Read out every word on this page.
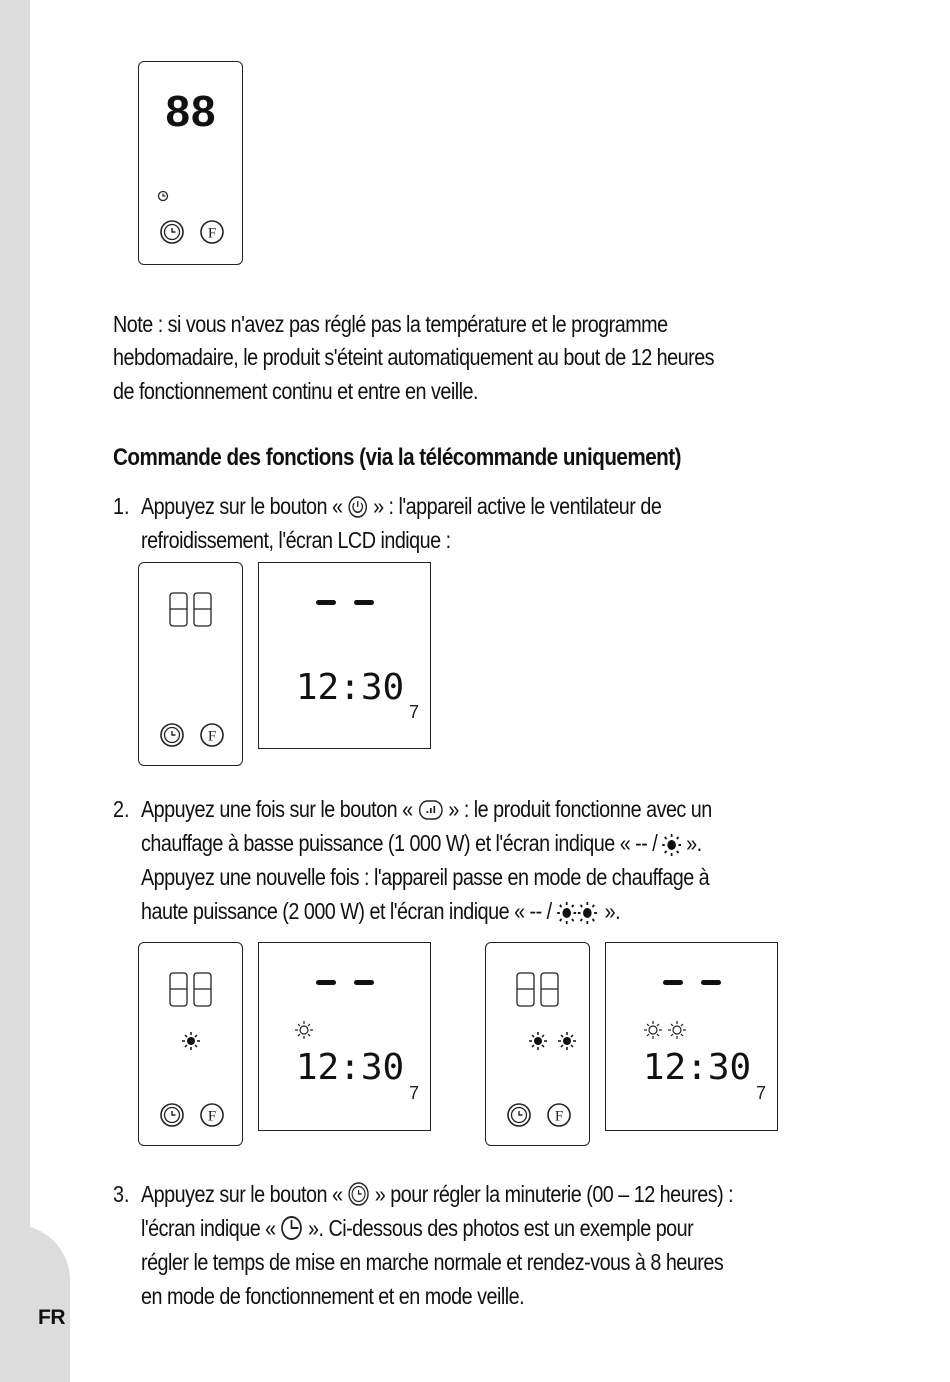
FR
88
F
Note : si vous n'avez pas réglé pas la température et le programme
hebdomadaire, le produit s'éteint automatiquement au bout de 12 heures
de fonctionnement continu et entre en veille.
Commande des fonctions (via la télécommande uniquement)
1. Appuyez sur le bouton « » : l'appareil active le ventilateur de
refroidissement, l'écran LCD indique :
F
12:30
7
2. Appuyez une fois sur le bouton « » : le produit fonctionne avec un
chauffage à basse puissance (1 000 W) et l'écran indique « -- / ».
Appuyez une nouvelle fois : l'appareil passe en mode de chauffage à
haute puissance (2 000 W) et l'écran indique « -- / ».
F
12:30
7
F
12:30
7
3. Appuyez sur le bouton « » pour régler la minuterie (00 – 12 heures) :
l'écran indique « ». Ci-dessous des photos est un exemple pour
régler le temps de mise en marche normale et rendez-vous à 8 heures
en mode de fonctionnement et en mode veille.
